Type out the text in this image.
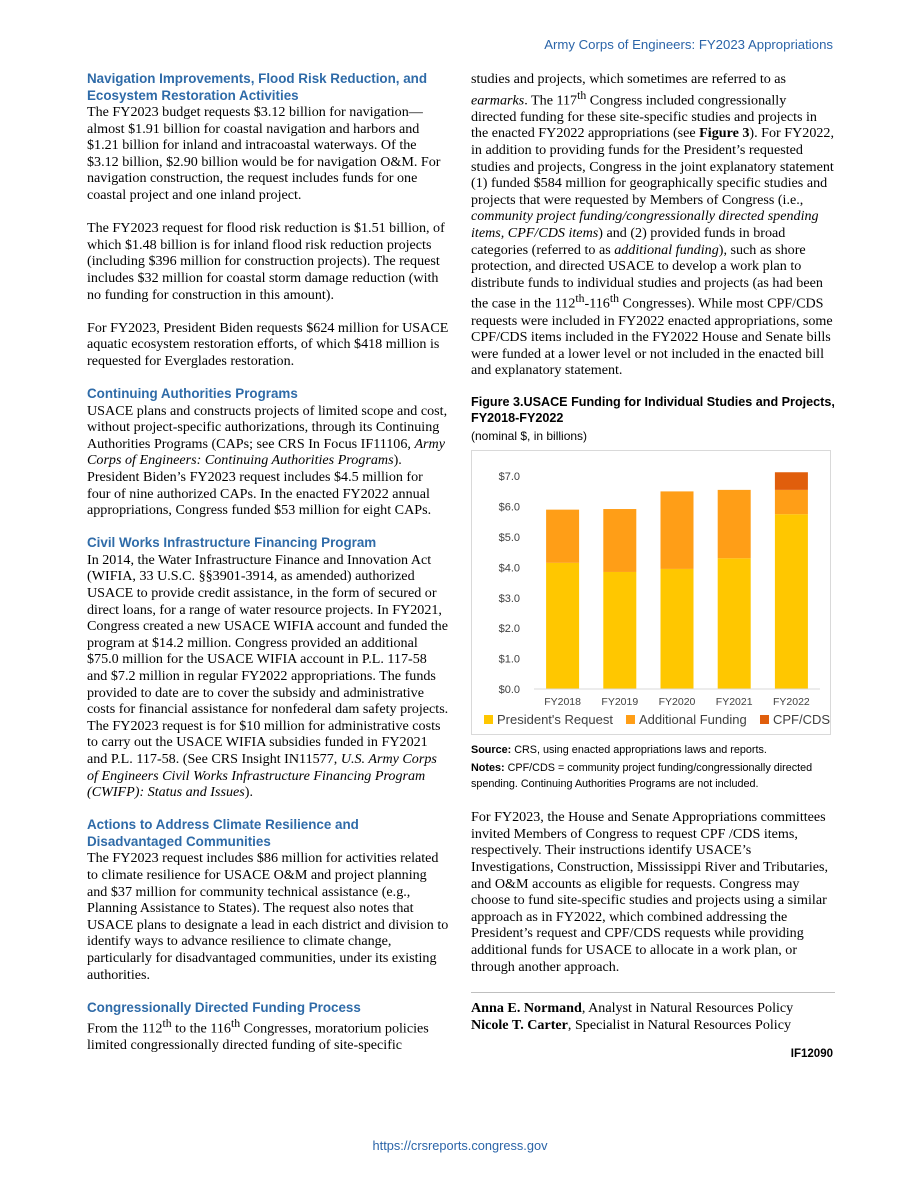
Army Corps of Engineers: FY2023 Appropriations
Navigation Improvements, Flood Risk Reduction, and Ecosystem Restoration Activities
The FY2023 budget requests $3.12 billion for navigation—almost $1.91 billion for coastal navigation and harbors and $1.21 billion for inland and intracoastal waterways. Of the $3.12 billion, $2.90 billion would be for navigation O&M. For navigation construction, the request includes funds for one coastal project and one inland project.
The FY2023 request for flood risk reduction is $1.51 billion, of which $1.48 billion is for inland flood risk reduction projects (including $396 million for construction projects). The request includes $32 million for coastal storm damage reduction (with no funding for construction in this amount).
For FY2023, President Biden requests $624 million for USACE aquatic ecosystem restoration efforts, of which $418 million is requested for Everglades restoration.
Continuing Authorities Programs
USACE plans and constructs projects of limited scope and cost, without project-specific authorizations, through its Continuing Authorities Programs (CAPs; see CRS In Focus IF11106, Army Corps of Engineers: Continuing Authorities Programs). President Biden’s FY2023 request includes $4.5 million for four of nine authorized CAPs. In the enacted FY2022 annual appropriations, Congress funded $53 million for eight CAPs.
Civil Works Infrastructure Financing Program
In 2014, the Water Infrastructure Finance and Innovation Act (WIFIA, 33 U.S.C. §§3901-3914, as amended) authorized USACE to provide credit assistance, in the form of secured or direct loans, for a range of water resource projects. In FY2021, Congress created a new USACE WIFIA account and funded the program at $14.2 million. Congress provided an additional $75.0 million for the USACE WIFIA account in P.L. 117-58 and $7.2 million in regular FY2022 appropriations. The funds provided to date are to cover the subsidy and administrative costs for financial assistance for nonfederal dam safety projects. The FY2023 request is for $10 million for administrative costs to carry out the USACE WIFIA subsidies funded in FY2021 and P.L. 117-58. (See CRS Insight IN11577, U.S. Army Corps of Engineers Civil Works Infrastructure Financing Program (CWIFP): Status and Issues).
Actions to Address Climate Resilience and Disadvantaged Communities
The FY2023 request includes $86 million for activities related to climate resilience for USACE O&M and project planning and $37 million for community technical assistance (e.g., Planning Assistance to States). The request also notes that USACE plans to designate a lead in each district and division to identify ways to advance resilience to climate change, particularly for disadvantaged communities, under its existing authorities.
Congressionally Directed Funding Process
From the 112th to the 116th Congresses, moratorium policies limited congressionally directed funding of site-specific
studies and projects, which sometimes are referred to as earmarks. The 117th Congress included congressionally directed funding for these site-specific studies and projects in the enacted FY2022 appropriations (see Figure 3). For FY2022, in addition to providing funds for the President’s requested studies and projects, Congress in the joint explanatory statement (1) funded $584 million for geographically specific studies and projects that were requested by Members of Congress (i.e., community project funding/congressionally directed spending items, CPF/CDS items) and (2) provided funds in broad categories (referred to as additional funding), such as shore protection, and directed USACE to develop a work plan to distribute funds to individual studies and projects (as had been the case in the 112th-116th Congresses). While most CPF/CDS requests were included in FY2022 enacted appropriations, some CPF/CDS items included in the FY2022 House and Senate bills were funded at a lower level or not included in the enacted bill and explanatory statement.
Figure 3.USACE Funding for Individual Studies and Projects, FY2018-FY2022
(nominal $, in billions)
$0.0
$1.0
$2.0
$3.0
$4.0
$5.0
$6.0
$7.0
FY2018 FY2019 FY2020 FY2021 FY2022
President's Request Additional Funding CPF/CDS
Source: CRS, using enacted appropriations laws and reports.
Notes: CPF/CDS = community project funding/congressionally directed spending. Continuing Authorities Programs are not included.
For FY2023, the House and Senate Appropriations committees invited Members of Congress to request CPF /CDS items, respectively. Their instructions identify USACE’s Investigations, Construction, Mississippi River and Tributaries, and O&M accounts as eligible for requests. Congress may choose to fund site-specific studies and projects using a similar approach as in FY2022, which combined addressing the President’s request and CPF/CDS requests while providing additional funds for USACE to allocate in a work plan, or through another approach.
Anna E. Normand, Analyst in Natural Resources Policy
Nicole T. Carter, Specialist in Natural Resources Policy
IF12090
https://crsreports.congress.gov
